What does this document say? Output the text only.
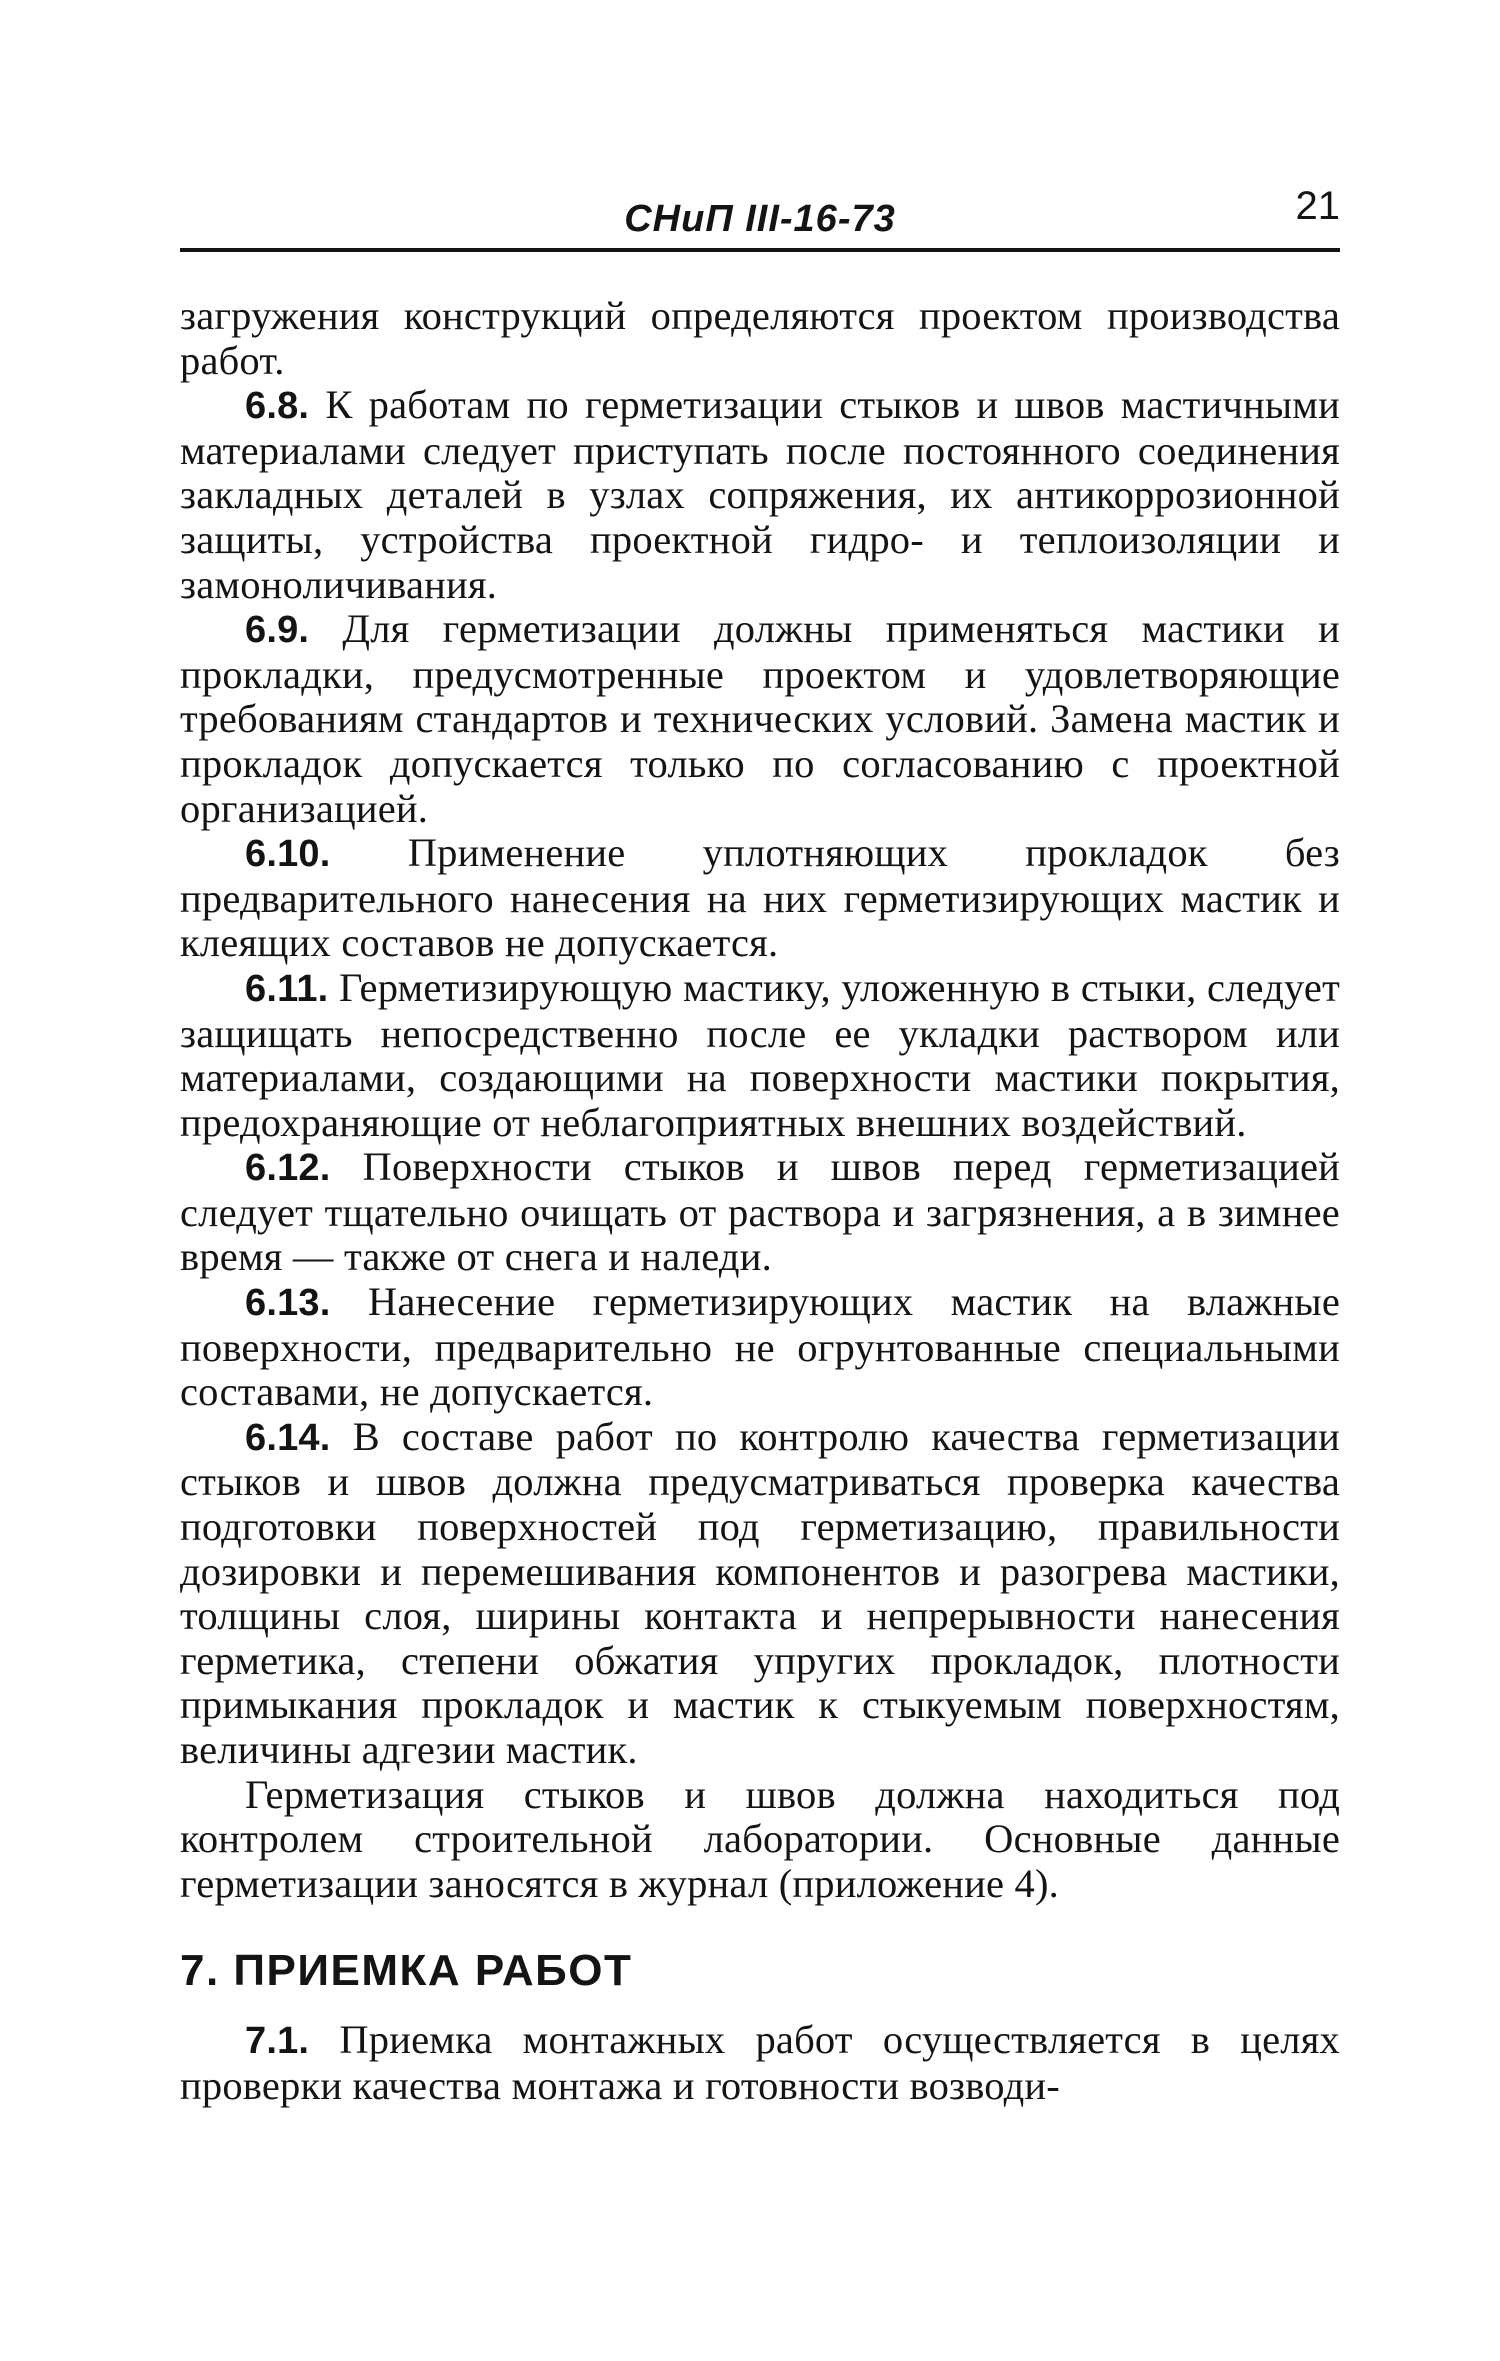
СНиП III-16-73	21

загружения конструкций определяются проектом производства работ.

6.8. К работам по герметизации стыков и швов мастичными материалами следует приступать после постоянного соединения закладных деталей в узлах сопряжения, их антикоррозионной защиты, устройства проектной гидро- и теплоизоляции и замоноличивания.

6.9. Для герметизации должны применяться мастики и прокладки, предусмотренные проектом и удовлетворяющие требованиям стандартов и технических условий. Замена мастик и прокладок допускается только по согласованию с проектной организацией.

6.10. Применение уплотняющих прокладок без предварительного нанесения на них герметизирующих мастик и клеящих составов не допускается.

6.11. Герметизирующую мастику, уложенную в стыки, следует защищать непосредственно после ее укладки раствором или материалами, создающими на поверхности мастики покрытия, предохраняющие от неблагоприятных внешних воздействий.

6.12. Поверхности стыков и швов перед герметизацией следует тщательно очищать от раствора и загрязнения, а в зимнее время — также от снега и наледи.

6.13. Нанесение герметизирующих мастик на влажные поверхности, предварительно не огрунтованные специальными составами, не допускается.

6.14. В составе работ по контролю качества герметизации стыков и швов должна предусматриваться проверка качества подготовки поверхностей под герметизацию, правильности дозировки и перемешивания компонентов и разогрева мастики, толщины слоя, ширины контакта и непрерывности нанесения герметика, степени обжатия упругих прокладок, плотности примыкания прокладок и мастик к стыкуемым поверхностям, величины адгезии мастик.

Герметизация стыков и швов должна находиться под контролем строительной лаборатории. Основные данные герметизации заносятся в журнал (приложение 4).

7. ПРИЕМКА РАБОТ

7.1. Приемка монтажных работ осуществляется в целях проверки качества монтажа и готовности возводи-
